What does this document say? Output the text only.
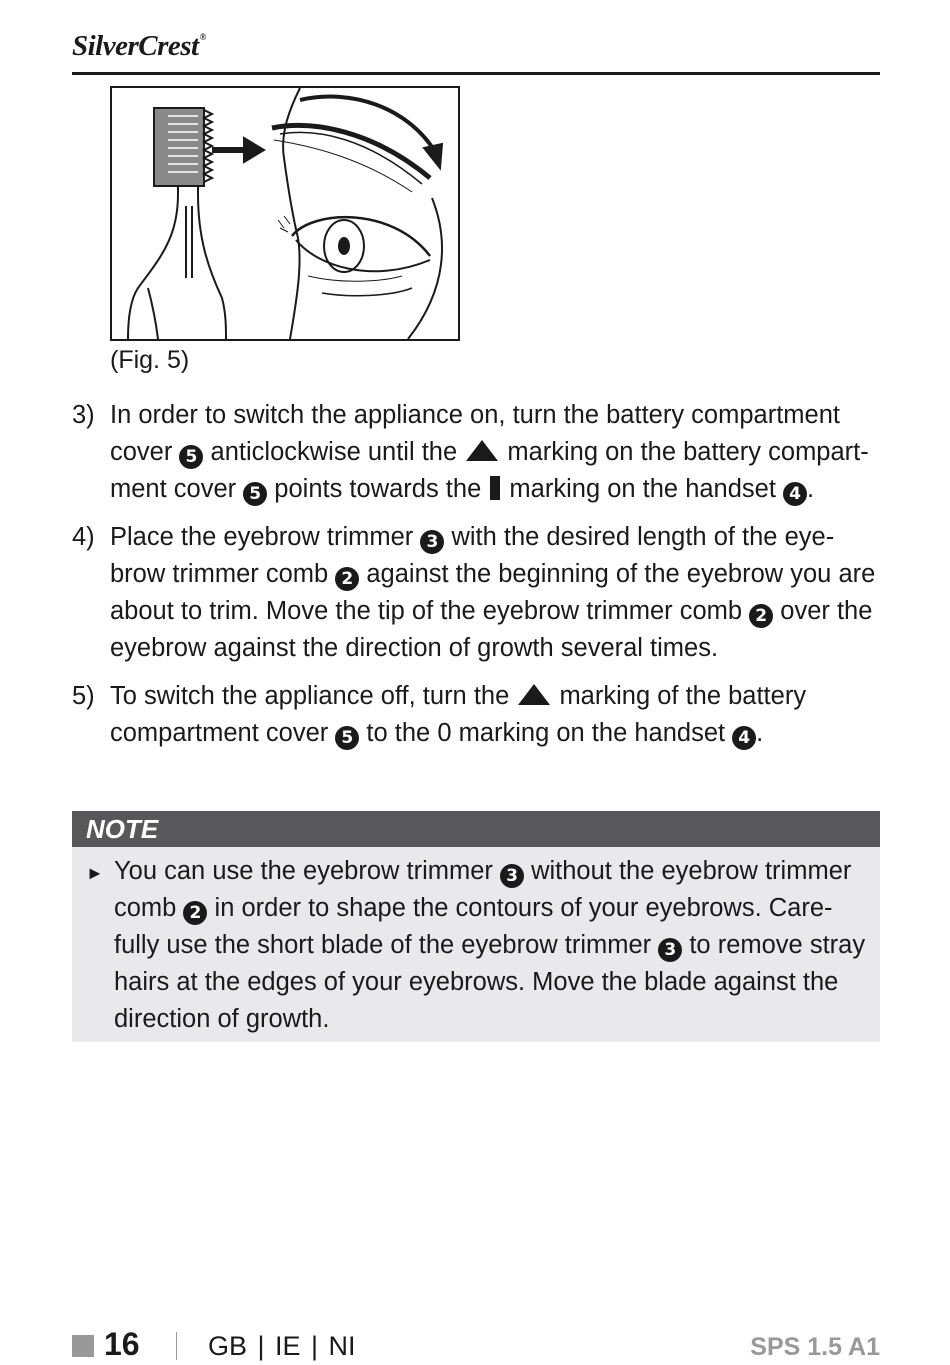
SilverCrest®
(Fig. 5)
3) In order to switch the appliance on, turn the battery compartment cover 5 anticlockwise until the  marking on the battery compart-ment cover 5 points towards the  marking on the handset 4 .

4) Place the eyebrow trimmer 3 with the desired length of the eye-brow trimmer comb 2 against the beginning of the eyebrow you are about to trim. Move the tip of the eyebrow trimmer comb 2 over the eyebrow against the direction of growth several times.

5) To switch the appliance off, turn the  marking of the battery compartment cover 5 to the 0 marking on the handset 4 .

NOTE
► You can use the eyebrow trimmer 3 without the eyebrow trimmer comb 2 in order to shape the contours of your eyebrows. Care-fully use the short blade of the eyebrow trimmer 3 to remove stray hairs at the edges of your eyebrows. Move the blade against the direction of growth.

16	GB | IE | NI	SPS 1.5 A1
